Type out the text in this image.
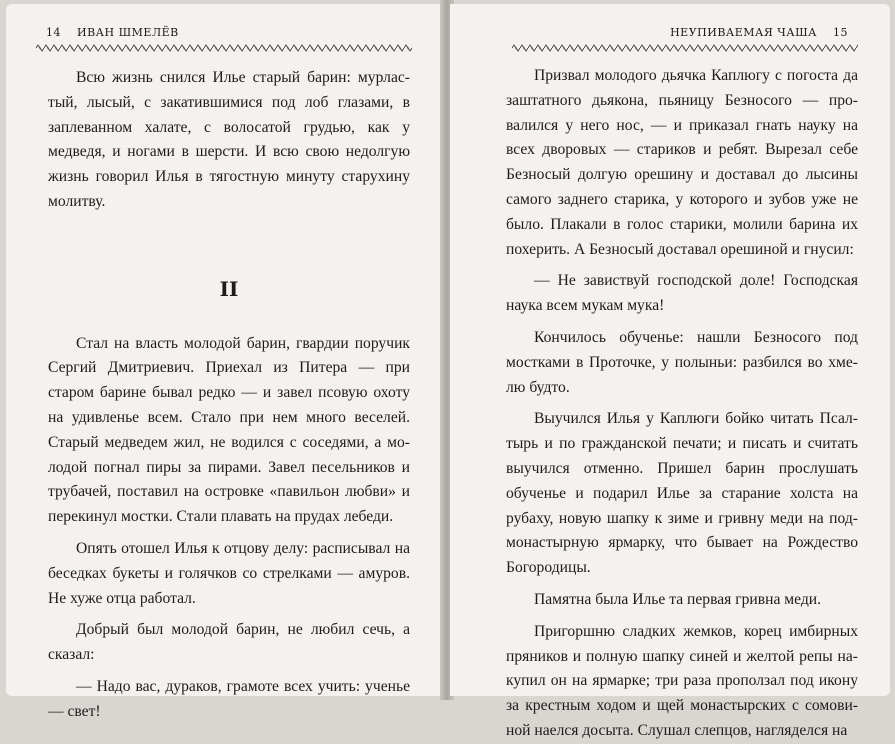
14 ИВАН ШМЕЛЁВ

Всю жизнь снился Илье старый барин: мурластый, лысый, с закатившимися под лоб глазами, в заплеванном халате, с волосатой грудью, как у медведя, и ногами в шерсти. И всю свою недолгую жизнь говорил Илья в тягостную минуту старухину молитву.

II

Стал на власть молодой барин, гвардии поручик Сергий Дмитриевич. Приехал из Питера — при старом барине бывал редко — и завел псовую охоту на удивленье всем. Стало при нем много веселей. Старый медведем жил, не водился с соседями, а молодой погнал пиры за пирами. Завел песельников и трубачей, поставил на островке «павильон любви» и перекинул мостки. Стали плавать на прудах лебеди.

Опять отошел Илья к отцову делу: расписывал на беседках букеты и голячков со стрелками — амуров. Не хуже отца работал.

Добрый был молодой барин, не любил сечь, а сказал:

— Надо вас, дураков, грамоте всех учить: ученье — свет!

НЕУПИВАЕМАЯ ЧАША 15

Призвал молодого дьячка Каплюгу с погоста да заштатного дьякона, пьяницу Безносого — провалился у него нос, — и приказал гнать науку на всех дворовых — стариков и ребят. Вырезал себе Безносый долгую орешину и доставал до лысины самого заднего старика, у которого и зубов уже не было. Плакали в голос старики, молили барина их похерить. А Безносый доставал орешиной и гнусил:

— Не завиствуй господской доле! Господская наука всем мукам мука!

Кончилось обученье: нашли Безносого под мостками в Проточке, у полыньи: разбился во хмелю будто.

Выучился Илья у Каплюги бойко читать Псалтырь и по гражданской печати; и писать и считать выучился отменно. Пришел барин прослушать обученье и подарил Илье за старание холста на рубаху, новую шапку к зиме и гривну меди на подмонастырную ярмарку, что бывает на Рождество Богородицы.

Памятна была Илье та первая гривна меди.

Пригоршню сладких жемков, корец имбирных пряников и полную шапку синей и желтой репы накупил он на ярмарке; три раза проползал под икону за крестным ходом и щей монастырских с сомовиной наелся досыта. Слушал слепцов, нагляделся на
